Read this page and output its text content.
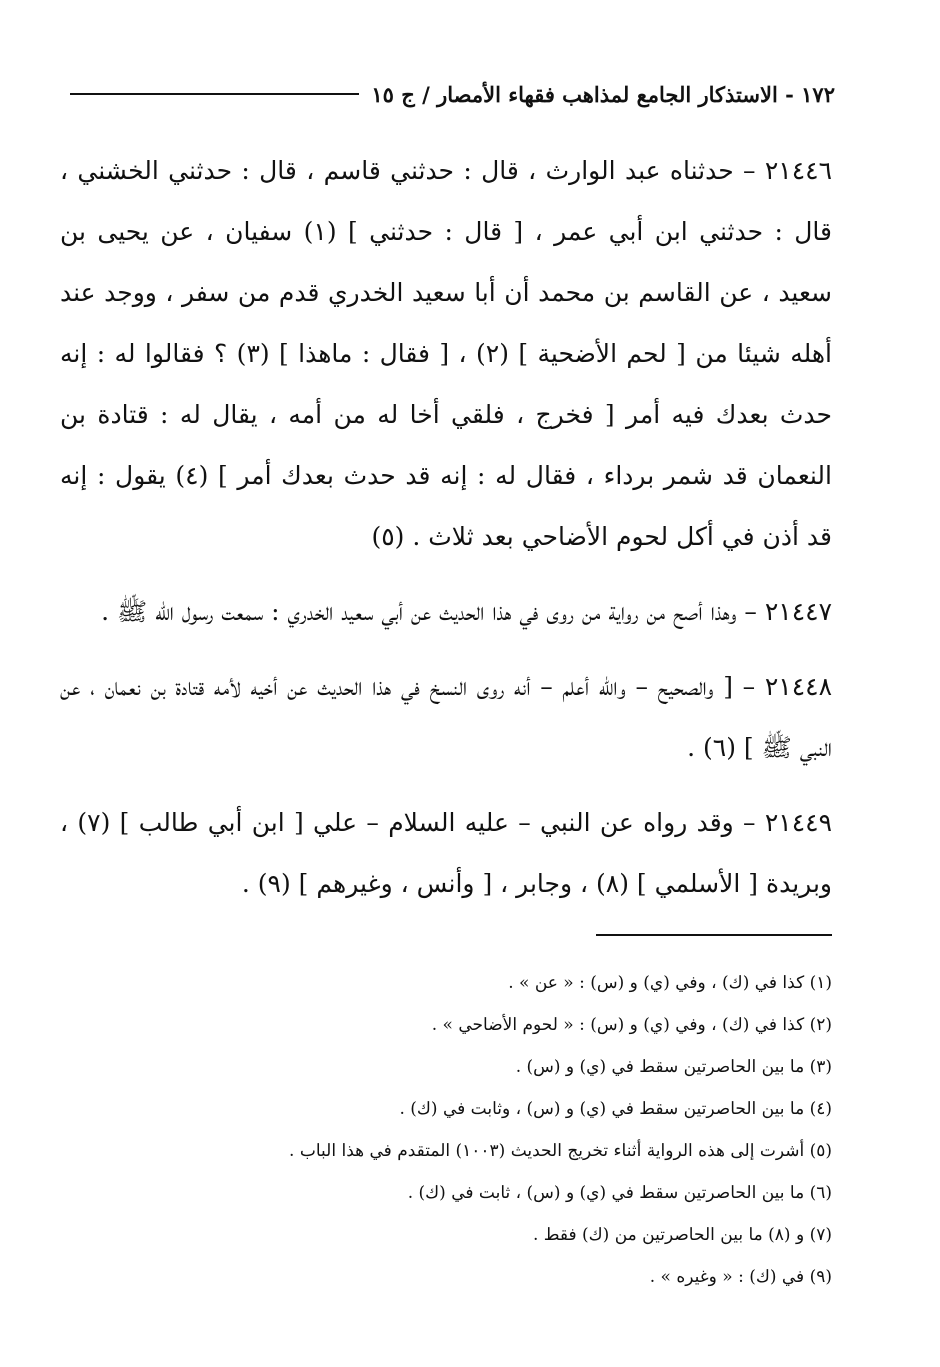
١٧٢ - الاستذكار الجامع لمذاهب فقهاء الأمصار / ج ١٥

٢١٤٤٦ – حدثناه عبد الوارث ، قال : حدثني قاسم ، قال : حدثني الخشني ، قال : حدثني ابن أبي عمر ، [ قال : حدثني ] (١) سفيان ، عن يحيى بن سعيد ، عن القاسم بن محمد أن أبا سعيد الخدري قدم من سفر ، ووجد عند أهله شيئا من [ لحم الأضحية ] (٢) ، [ فقال : ماهذا ] (٣) ؟ فقالوا له : إنه حدث بعدك فيه أمر [ فخرج ، فلقي أخا له من أمه ، يقال له : قتادة بن النعمان قد شمر برداء ، فقال له : إنه قد حدث بعدك أمر ] (٤) يقول : إنه قد أذن في أكل لحوم الأضاحي بعد ثلاث . (٥)

٢١٤٤٧ – وهذا أصح من رواية من روى في هذا الحديث عن أبي سعيد الخدري : سمعت رسول الله ﷺ .

٢١٤٤٨ – [ والصحيح – والله أعلم – أنه روى النسخ في هذا الحديث عن أخيه لأمه قتادة بن نعمان ، عن النبي ﷺ ] (٦) .

٢١٤٤٩ – وقد رواه عن النبي – عليه السلام – علي [ ابن أبي طالب ] (٧) ، وبريدة [ الأسلمي ] (٨) ، وجابر ، [ وأنس ، وغيرهم ] (٩) .

(١) كذا في (ك) ، وفي (ي) و (س) : « عن » .
(٢) كذا في (ك) ، وفي (ي) و (س) : « لحوم الأضاحي » .
(٣) ما بين الحاصرتين سقط في (ي) و (س) .
(٤) ما بين الحاصرتين سقط في (ي) و (س) ، وثابت في (ك) .
(٥) أشرت إلى هذه الرواية أثناء تخريج الحديث (١٠٠٣) المتقدم في هذا الباب .
(٦) ما بين الحاصرتين سقط في (ي) و (س) ، ثابت في (ك) .
(٧) و (٨) ما بين الحاصرتين من (ك) فقط .
(٩) في (ك) : « وغيره » .
